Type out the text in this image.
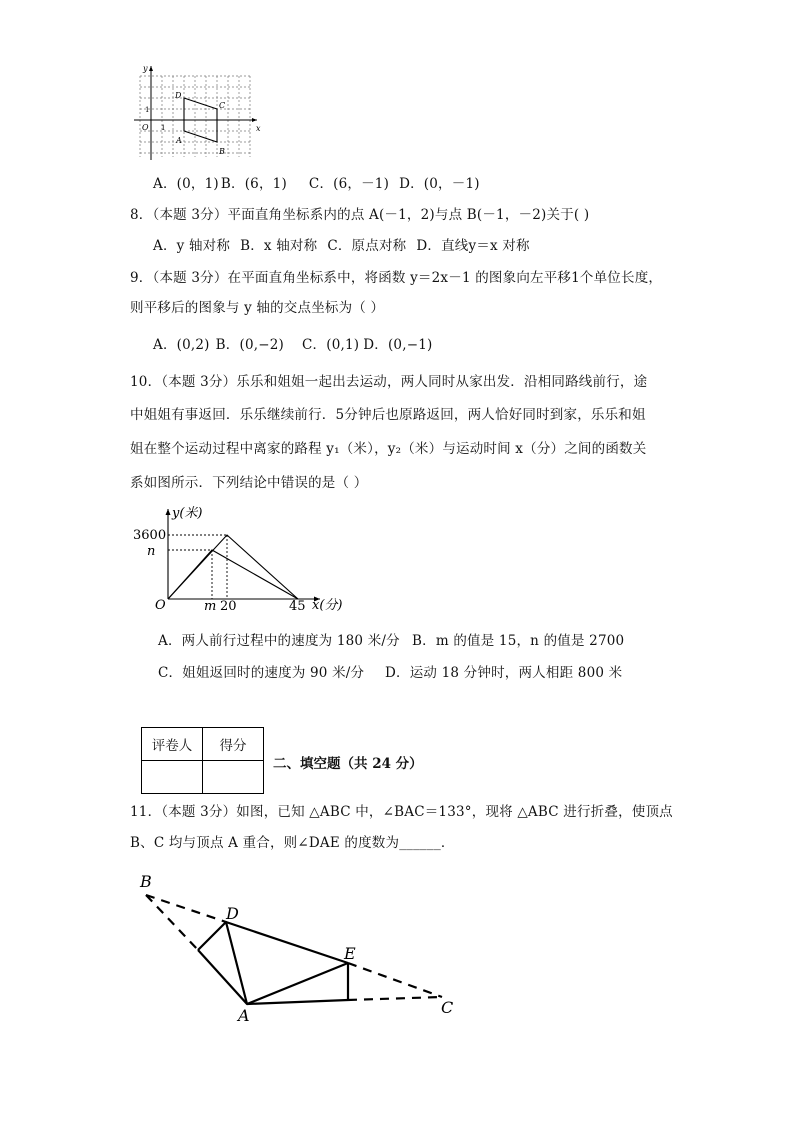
y
x
O
1
1
D
C
A
B
A．(0，1) B．(6，1) C．(6，－1) D．(0，－1)
8．（本题 3分）平面直角坐标系内的点 A(－1，2)与点 B(－1，－2)关于( )
A．y 轴对称 B．x 轴对称 C．原点对称 D．直线y＝x 对称
9．（本题 3分）在平面直角坐标系中，将函数 y＝2x－1 的图象向左平移1个单位长度，
则平移后的图象与 y 轴的交点坐标为（ ）
A．(0,2) B．(0,−2) C．(0,1) D．(0,−1)
10．（本题 3分）乐乐和姐姐一起出去运动，两人同时从家出发．沿相同路线前行，途
中姐姐有事返回．乐乐继续前行．5分钟后也原路返回，两人恰好同时到家，乐乐和姐
姐在整个运动过程中离家的路程 y₁（米），y₂（米）与运动时间 x（分）之间的函数关
系如图所示．下列结论中错误的是（ ）
y(米)
x(分)
O
3600
n
m 20	45
A．两人前行过程中的速度为 180 米/分 B．m 的值是 15，n 的值是 2700
C．姐姐返回时的速度为 90 米/分 D．运动 18 分钟时，两人相距 800 米
评卷人	得分

二、填空题（共 24 分）
11．（本题 3分）如图，已知 △ABC 中，∠BAC＝133°，现将 △ABC 进行折叠，使顶点
B、C 均与顶点 A 重合，则∠DAE 的度数为______．
B
D
E
A	C
